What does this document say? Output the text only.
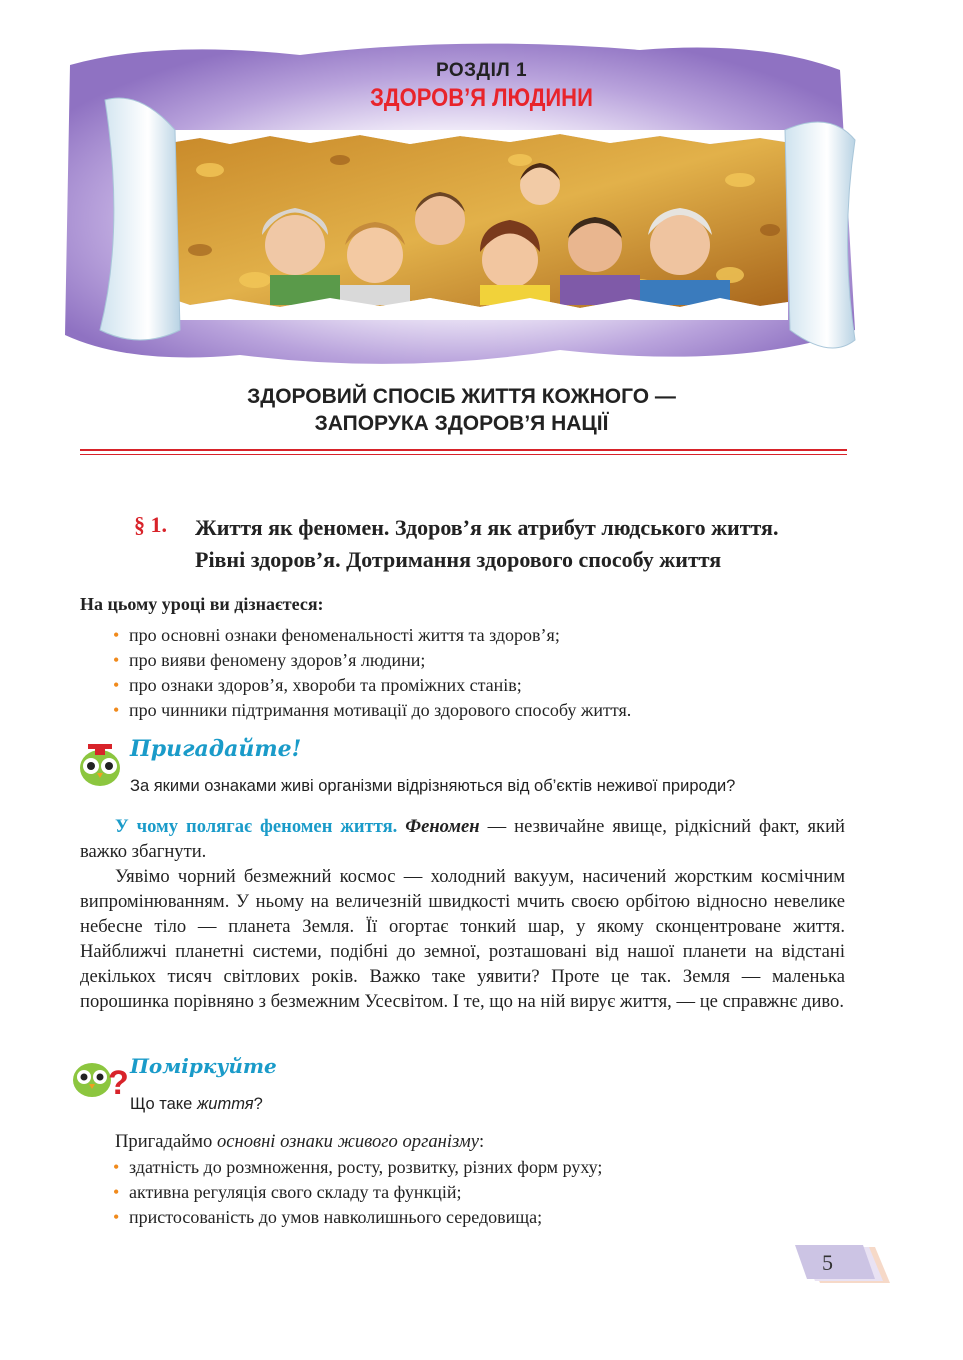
РОЗДІЛ 1
ЗДОРОВ’Я ЛЮДИНИ
ЗДОРОВИЙ СПОСІБ ЖИТТЯ КОЖНОГО —
ЗАПОРУКА ЗДОРОВ’Я НАЦІЇ
§ 1. Життя як феномен. Здоров’я як атрибут людського життя.
Рівні здоров’я. Дотримання здорового способу життя
На цьому уроці ви дізнаєтеся:
• про основні ознаки феноменальності життя та здоров’я;
• про вияви феномену здоров’я людини;
• про ознаки здоров’я, хвороби та проміжних станів;
• про чинники підтримання мотивації до здорового способу життя.
Пригадайте!
За якими ознаками живі організми відрізняються від об’єктів неживої природи?

У чому полягає феномен життя. Феномен — незвичайне явище, рідкісний факт, який важко збагнути.

Уявімо чорний безмежний космос — холодний вакуум, насичений жорстким космічним випромінюванням. У ньому на величезній швидкості мчить своєю орбітою відносно невелике небесне тіло — планета Земля. Її огортає тонкий шар, у якому сконцентроване життя. Найближчі планетні системи, подібні до земної, розташовані від нашої планети на відстані декількох тисяч світлових років. Важко таке уявити? Проте це так. Земля — маленька порошинка порівняно з безмежним Усесвітом. І те, що на ній вирує життя, — це справжнє диво.

? Поміркуйте
Що таке життя?
Пригадаймо основні ознаки живого організму:
• здатність до розмноження, росту, розвитку, різних форм руху;
• активна регуляція свого складу та функцій;
• пристосованість до умов навколишнього середовища;
5
